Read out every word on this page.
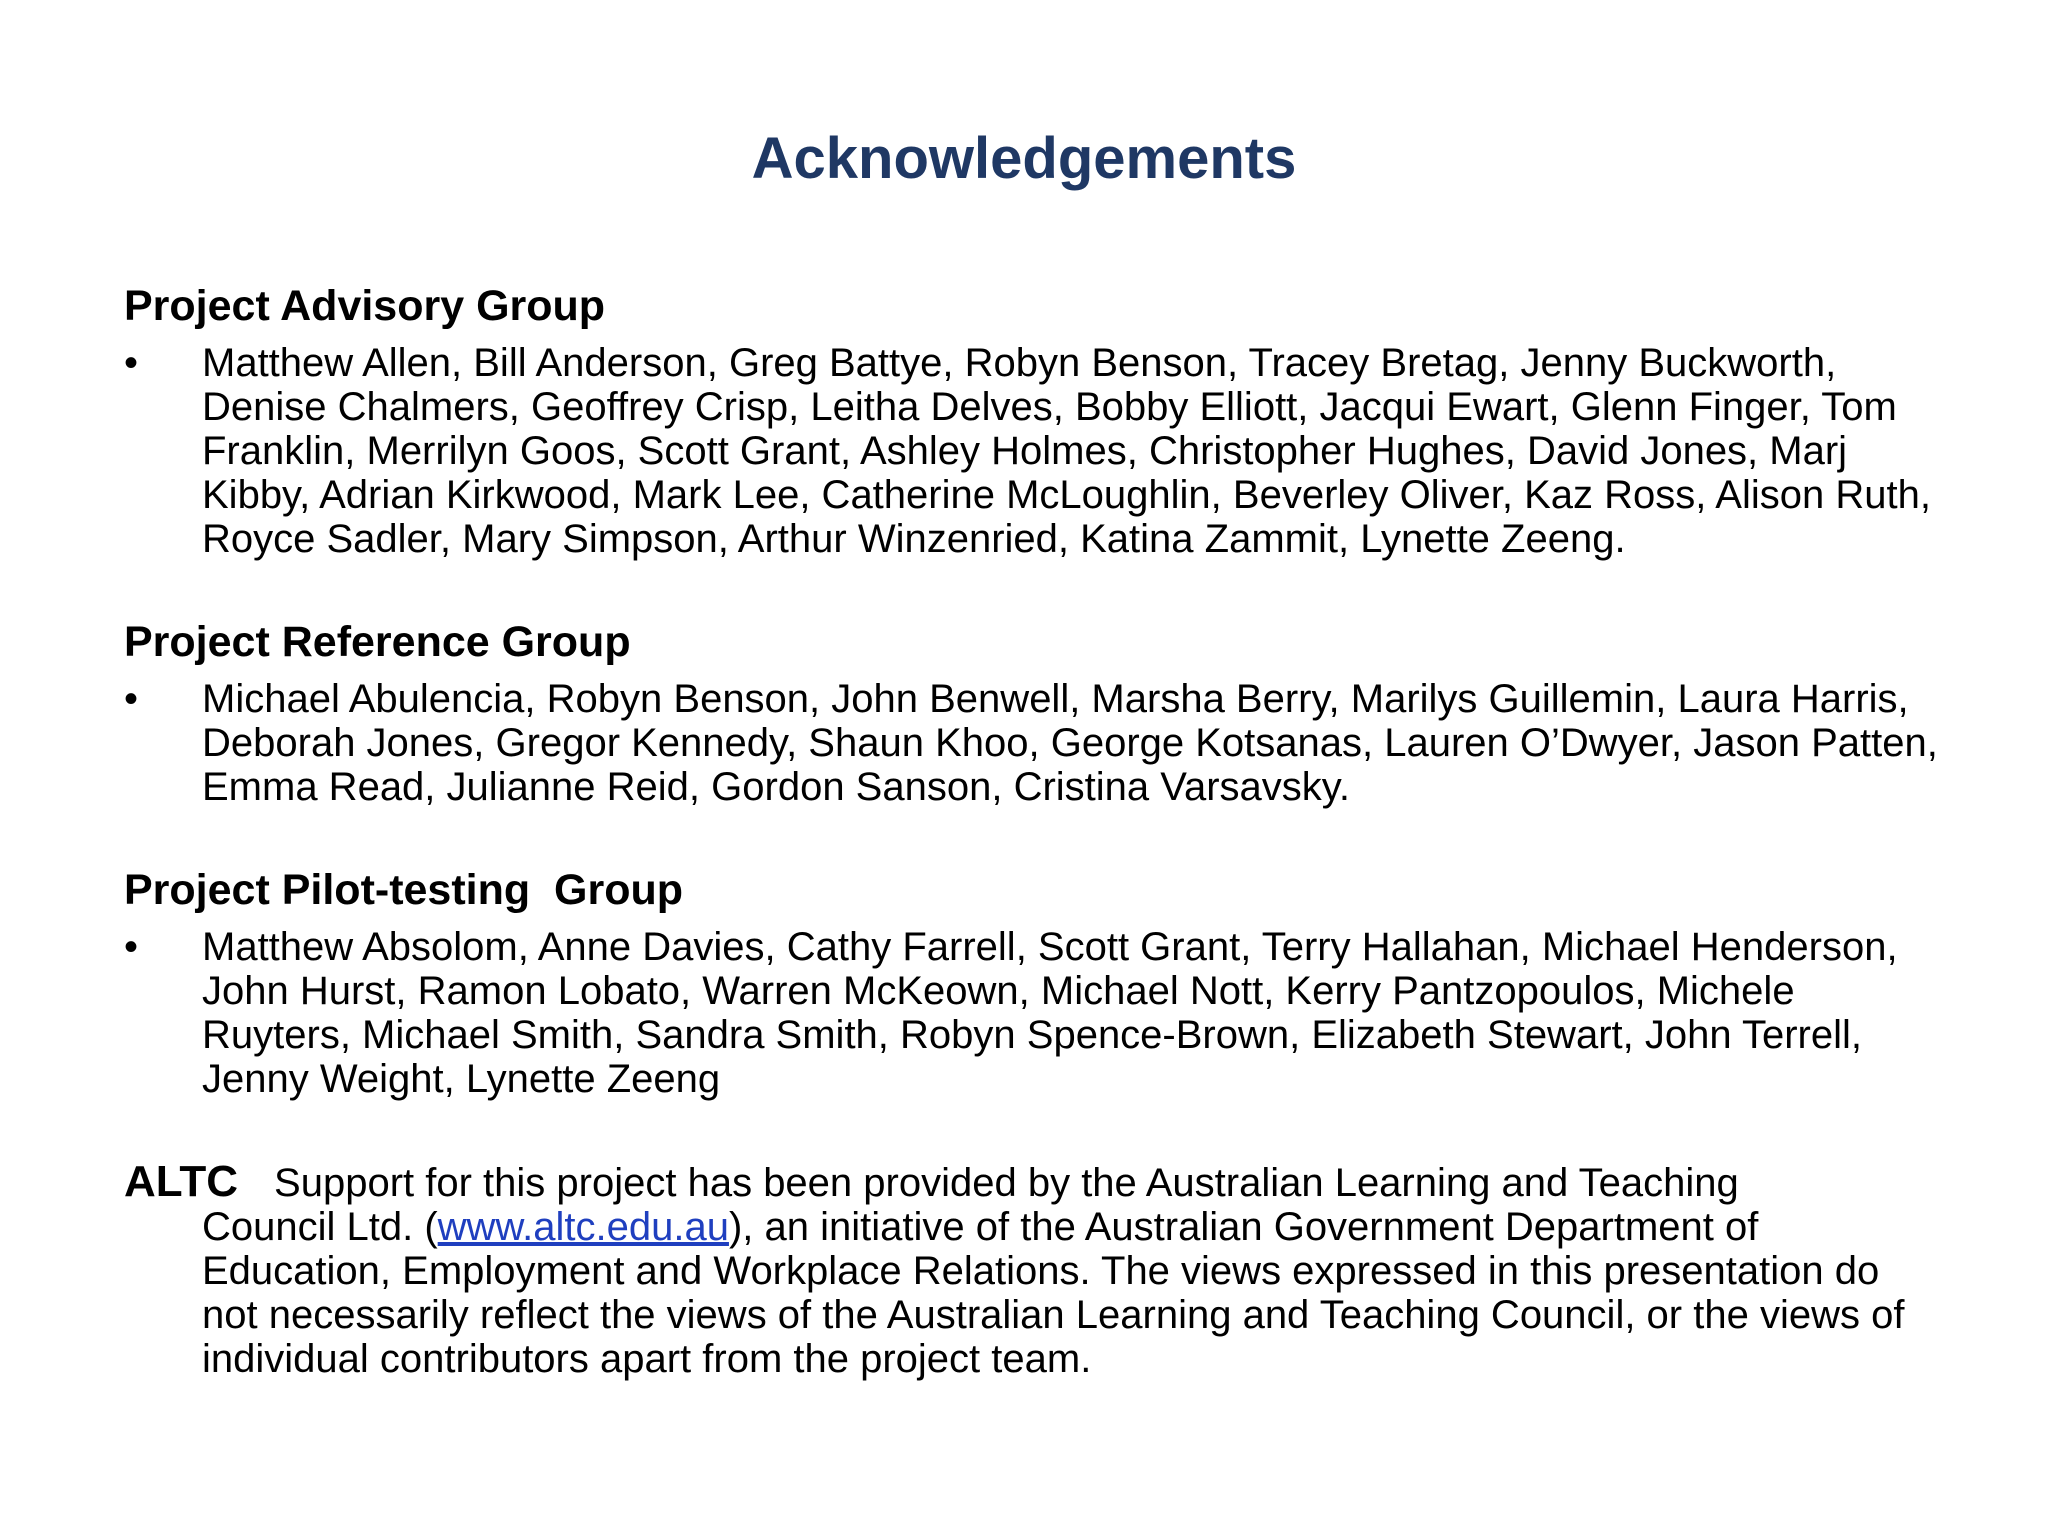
Acknowledgements
Project Advisory Group
• Matthew Allen, Bill Anderson, Greg Battye, Robyn Benson, Tracey Bretag, Jenny Buckworth, Denise Chalmers, Geoffrey Crisp, Leitha Delves, Bobby Elliott, Jacqui Ewart, Glenn Finger, Tom Franklin, Merrilyn Goos, Scott Grant, Ashley Holmes, Christopher Hughes, David Jones, Marj Kibby, Adrian Kirkwood, Mark Lee, Catherine McLoughlin, Beverley Oliver, Kaz Ross, Alison Ruth, Royce Sadler, Mary Simpson, Arthur Winzenried, Katina Zammit, Lynette Zeeng.
Project Reference Group
• Michael Abulencia, Robyn Benson, John Benwell, Marsha Berry, Marilys Guillemin, Laura Harris, Deborah Jones, Gregor Kennedy, Shaun Khoo, George Kotsanas, Lauren O’Dwyer, Jason Patten, Emma Read, Julianne Reid, Gordon Sanson, Cristina Varsavsky.
Project Pilot-testing  Group
• Matthew Absolom, Anne Davies, Cathy Farrell, Scott Grant, Terry Hallahan, Michael Henderson, John Hurst, Ramon Lobato, Warren McKeown, Michael Nott, Kerry Pantzopoulos, Michele Ruyters, Michael Smith, Sandra Smith, Robyn Spence-Brown, Elizabeth Stewart, John Terrell, Jenny Weight, Lynette Zeeng
ALTC Support for this project has been provided by the Australian Learning and Teaching
Council Ltd. (www.altc.edu.au), an initiative of the Australian Government Department of Education, Employment and Workplace Relations. The views expressed in this presentation do not necessarily reflect the views of the Australian Learning and Teaching Council, or the views of individual contributors apart from the project team.
